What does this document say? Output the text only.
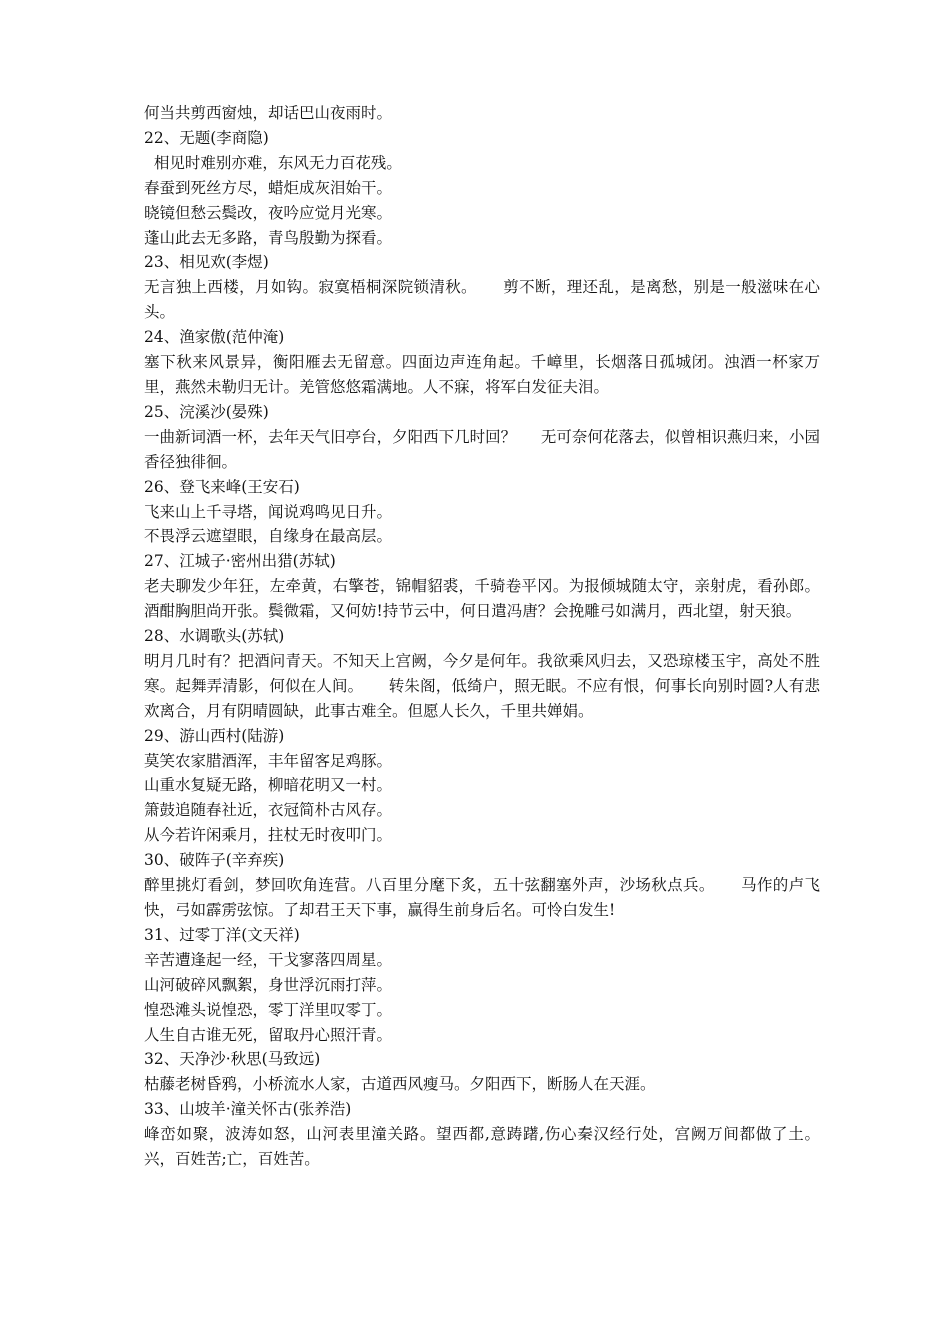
何当共剪西窗烛，却话巴山夜雨时。

22、无题(李商隐)

相见时难别亦难，东风无力百花残。

春蚕到死丝方尽，蜡炬成灰泪始干。

晓镜但愁云鬓改，夜吟应觉月光寒。

蓬山此去无多路，青鸟殷勤为探看。

23、相见欢(李煜)

无言独上西楼，月如钩。寂寞梧桐深院锁清秋。     剪不断，理还乱，是离愁，别是一般滋味在心头。

24、渔家傲(范仲淹)

塞下秋来风景异，衡阳雁去无留意。四面边声连角起。千嶂里，长烟落日孤城闭。浊酒一杯家万里，燕然未勒归无计。羌管悠悠霜满地。人不寐，将军白发征夫泪。

25、浣溪沙(晏殊)

一曲新词酒一杯，去年天气旧亭台，夕阳西下几时回？     无可奈何花落去，似曾相识燕归来，小园香径独徘徊。

26、登飞来峰(王安石)

飞来山上千寻塔，闻说鸡鸣见日升。

不畏浮云遮望眼，自缘身在最高层。

27、江城子·密州出猎(苏轼)

老夫聊发少年狂，左牵黄，右擎苍，锦帽貂裘，千骑卷平冈。为报倾城随太守，亲射虎，看孙郎。     酒酣胸胆尚开张。鬓微霜，又何妨!持节云中，何日遣冯唐？会挽雕弓如满月，西北望，射天狼。

28、水调歌头(苏轼)

明月几时有？把酒问青天。不知天上宫阙，今夕是何年。我欲乘风归去，又恐琼楼玉宇，高处不胜寒。起舞弄清影，何似在人间。     转朱阁，低绮户，照无眠。不应有恨，何事长向别时圆?人有悲欢离合，月有阴晴圆缺，此事古难全。但愿人长久，千里共婵娟。

29、游山西村(陆游)

莫笑农家腊酒浑，丰年留客足鸡豚。

山重水复疑无路，柳暗花明又一村。

箫鼓追随春社近，衣冠简朴古风存。

从今若许闲乘月，拄杖无时夜叩门。

30、破阵子(辛弃疾)

醉里挑灯看剑，梦回吹角连营。八百里分麾下炙，五十弦翻塞外声，沙场秋点兵。     马作的卢飞快，弓如霹雳弦惊。了却君王天下事，赢得生前身后名。可怜白发生!

31、过零丁洋(文天祥)

辛苦遭逢起一经，干戈寥落四周星。

山河破碎风飘絮，身世浮沉雨打萍。

惶恐滩头说惶恐，零丁洋里叹零丁。

人生自古谁无死，留取丹心照汗青。

32、天净沙·秋思(马致远)

枯藤老树昏鸦，小桥流水人家，古道西风瘦马。夕阳西下，断肠人在天涯。

33、山坡羊·潼关怀古(张养浩)

峰峦如聚，波涛如怒，山河表里潼关路。望西都,意踌躇,伤心秦汉经行处，宫阙万间都做了土。兴，百姓苦;亡，百姓苦。
